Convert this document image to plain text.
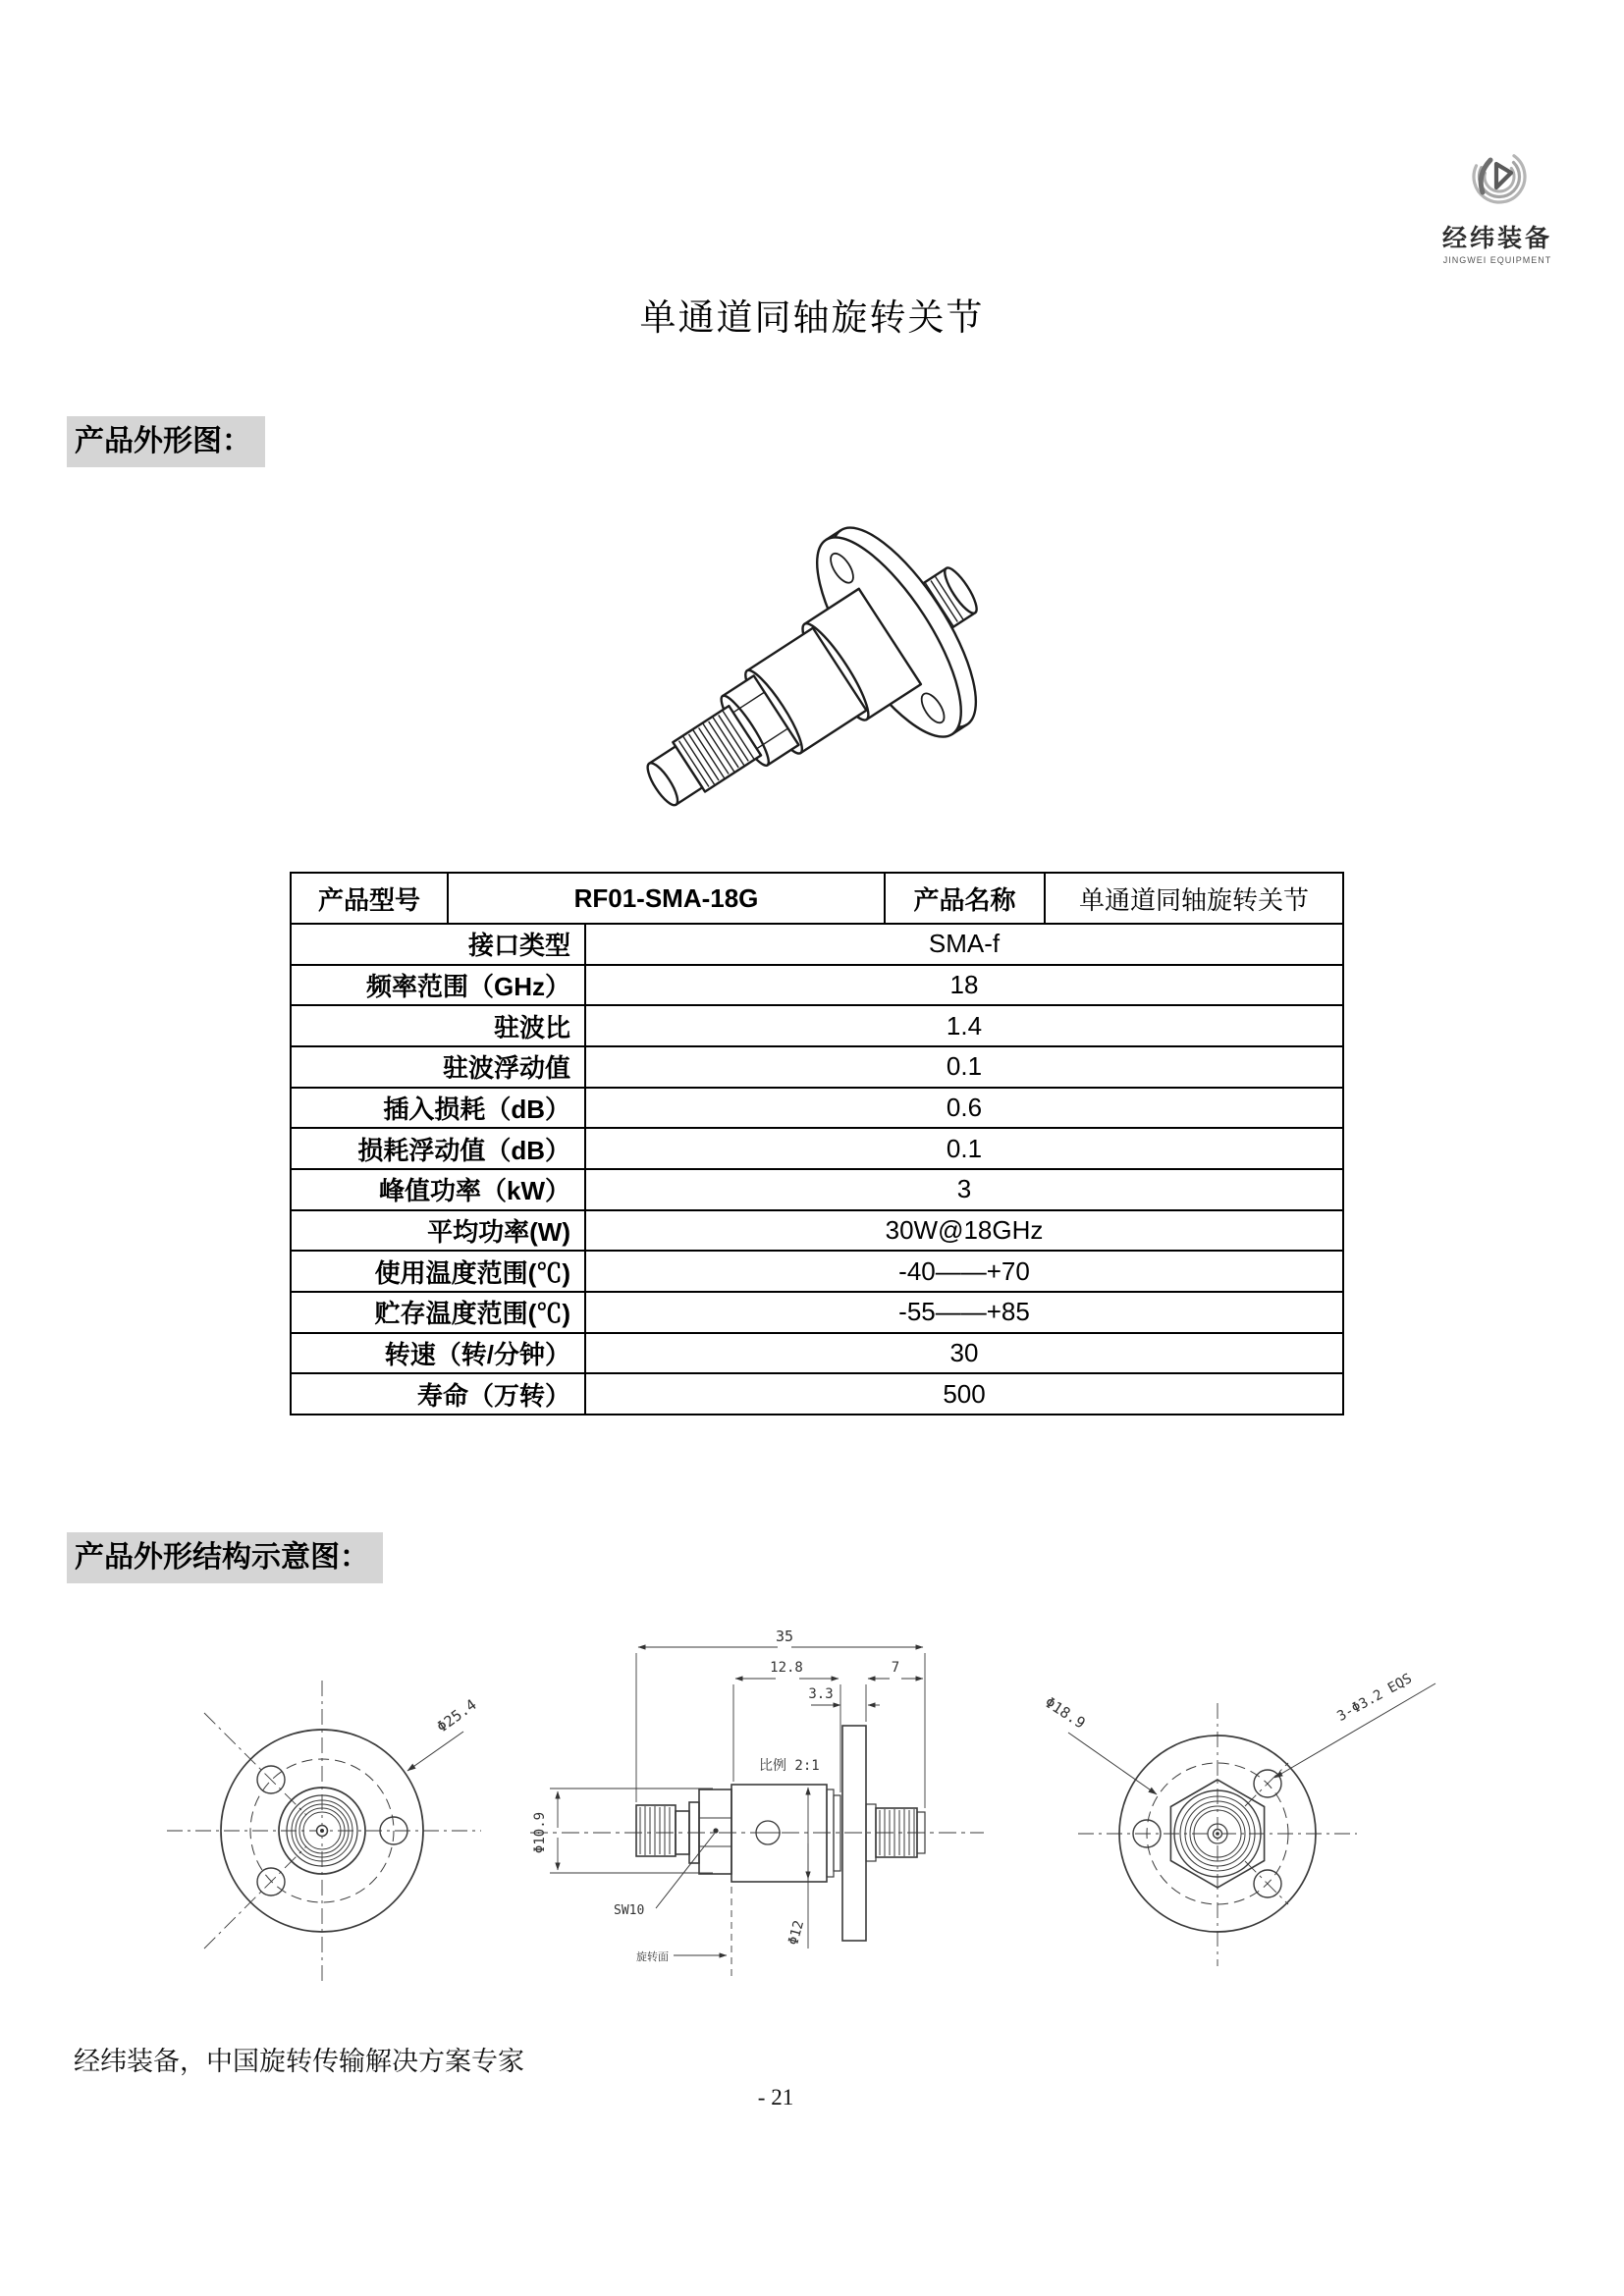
经纬装备
JINGWEI EQUIPMENT
单通道同轴旋转关节
产品外形图：
产品型号	RF01-SMA-18G		产品名称	单通道同轴旋转关节
接口类型		SMA-f		
频率范围（GHz）		18		
驻波比		1.4		
驻波浮动值		0.1		
插入损耗（dB）		0.6		
损耗浮动值（dB）		0.1		
峰值功率（kW）		3		
平均功率(W)		30W@18GHz		
使用温度范围(℃)		-40——+70		
贮存温度范围(℃)		-55——+85		
转速（转/分钟）		30		
寿命（万转）		500		
产品外形结构示意图：
Φ25.4
35
12.8	7
3.3
比例 2:1
Φ10.9
SW10
Φ12
旋转面
Φ18.9	3-Φ3.2 EQS
经纬装备，中国旋转传输解决方案专家
- 21
